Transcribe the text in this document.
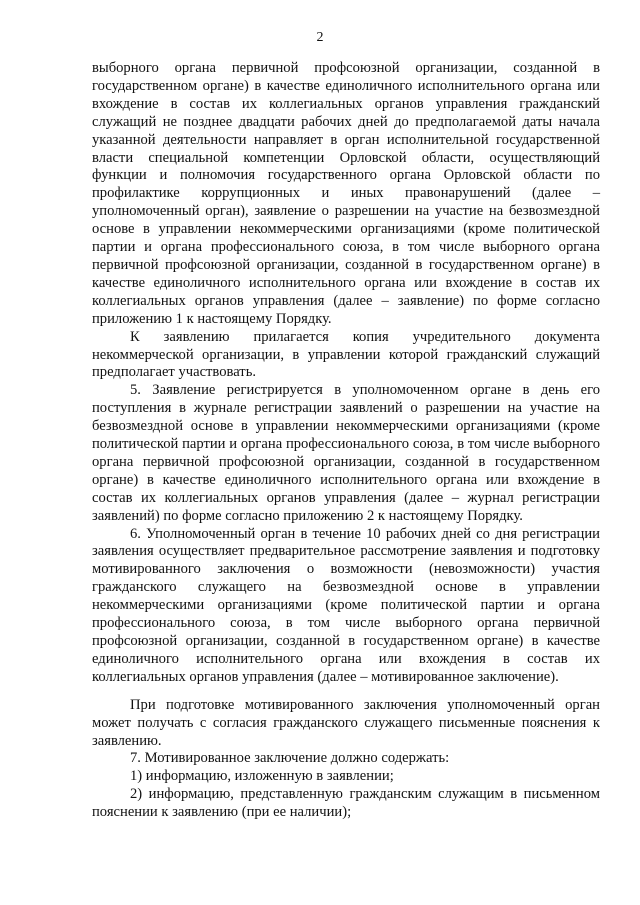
2

выборного органа первичной профсоюзной организации, созданной в государственном органе) в качестве единоличного исполнительного органа или вхождение в состав их коллегиальных органов управления гражданский служащий не позднее двадцати рабочих дней до предполагаемой даты начала указанной деятельности направляет в орган исполнительной государственной власти специальной компетенции Орловской области, осуществляющий функции и полномочия государственного органа Орловской области по профилактике коррупционных и иных правонарушений (далее – уполномоченный орган), заявление о разрешении на участие на безвозмездной основе в управлении некоммерческими организациями (кроме политической партии и органа профессионального союза, в том числе выборного органа первичной профсоюзной организации, созданной в государственном органе) в качестве единоличного исполнительного органа или вхождение в состав их коллегиальных органов управления (далее – заявление) по форме согласно приложению 1 к настоящему Порядку.

К заявлению прилагается копия учредительного документа некоммерческой организации, в управлении которой гражданский служащий предполагает участвовать.

5. Заявление регистрируется в уполномоченном органе в день его поступления в журнале регистрации заявлений о разрешении на участие на безвозмездной основе в управлении некоммерческими организациями (кроме политической партии и органа профессионального союза, в том числе выборного органа первичной профсоюзной организации, созданной в государственном органе) в качестве единоличного исполнительного органа или вхождение в состав их коллегиальных органов управления (далее – журнал регистрации заявлений) по форме согласно приложению 2 к настоящему Порядку.

6. Уполномоченный орган в течение 10 рабочих дней со дня регистрации заявления осуществляет предварительное рассмотрение заявления и подготовку мотивированного заключения о возможности (невозможности) участия гражданского служащего на безвозмездной основе в управлении некоммерческими организациями (кроме политической партии и органа профессионального союза, в том числе выборного органа первичной профсоюзной организации, созданной в государственном органе) в качестве единоличного исполнительного органа или вхождения в состав их коллегиальных органов управления (далее – мотивированное заключение).

При подготовке мотивированного заключения уполномоченный орган может получать с согласия гражданского служащего письменные пояснения к заявлению.

7. Мотивированное заключение должно содержать:

1) информацию, изложенную в заявлении;

2) информацию, представленную гражданским служащим в письменном пояснении к заявлению (при ее наличии);
